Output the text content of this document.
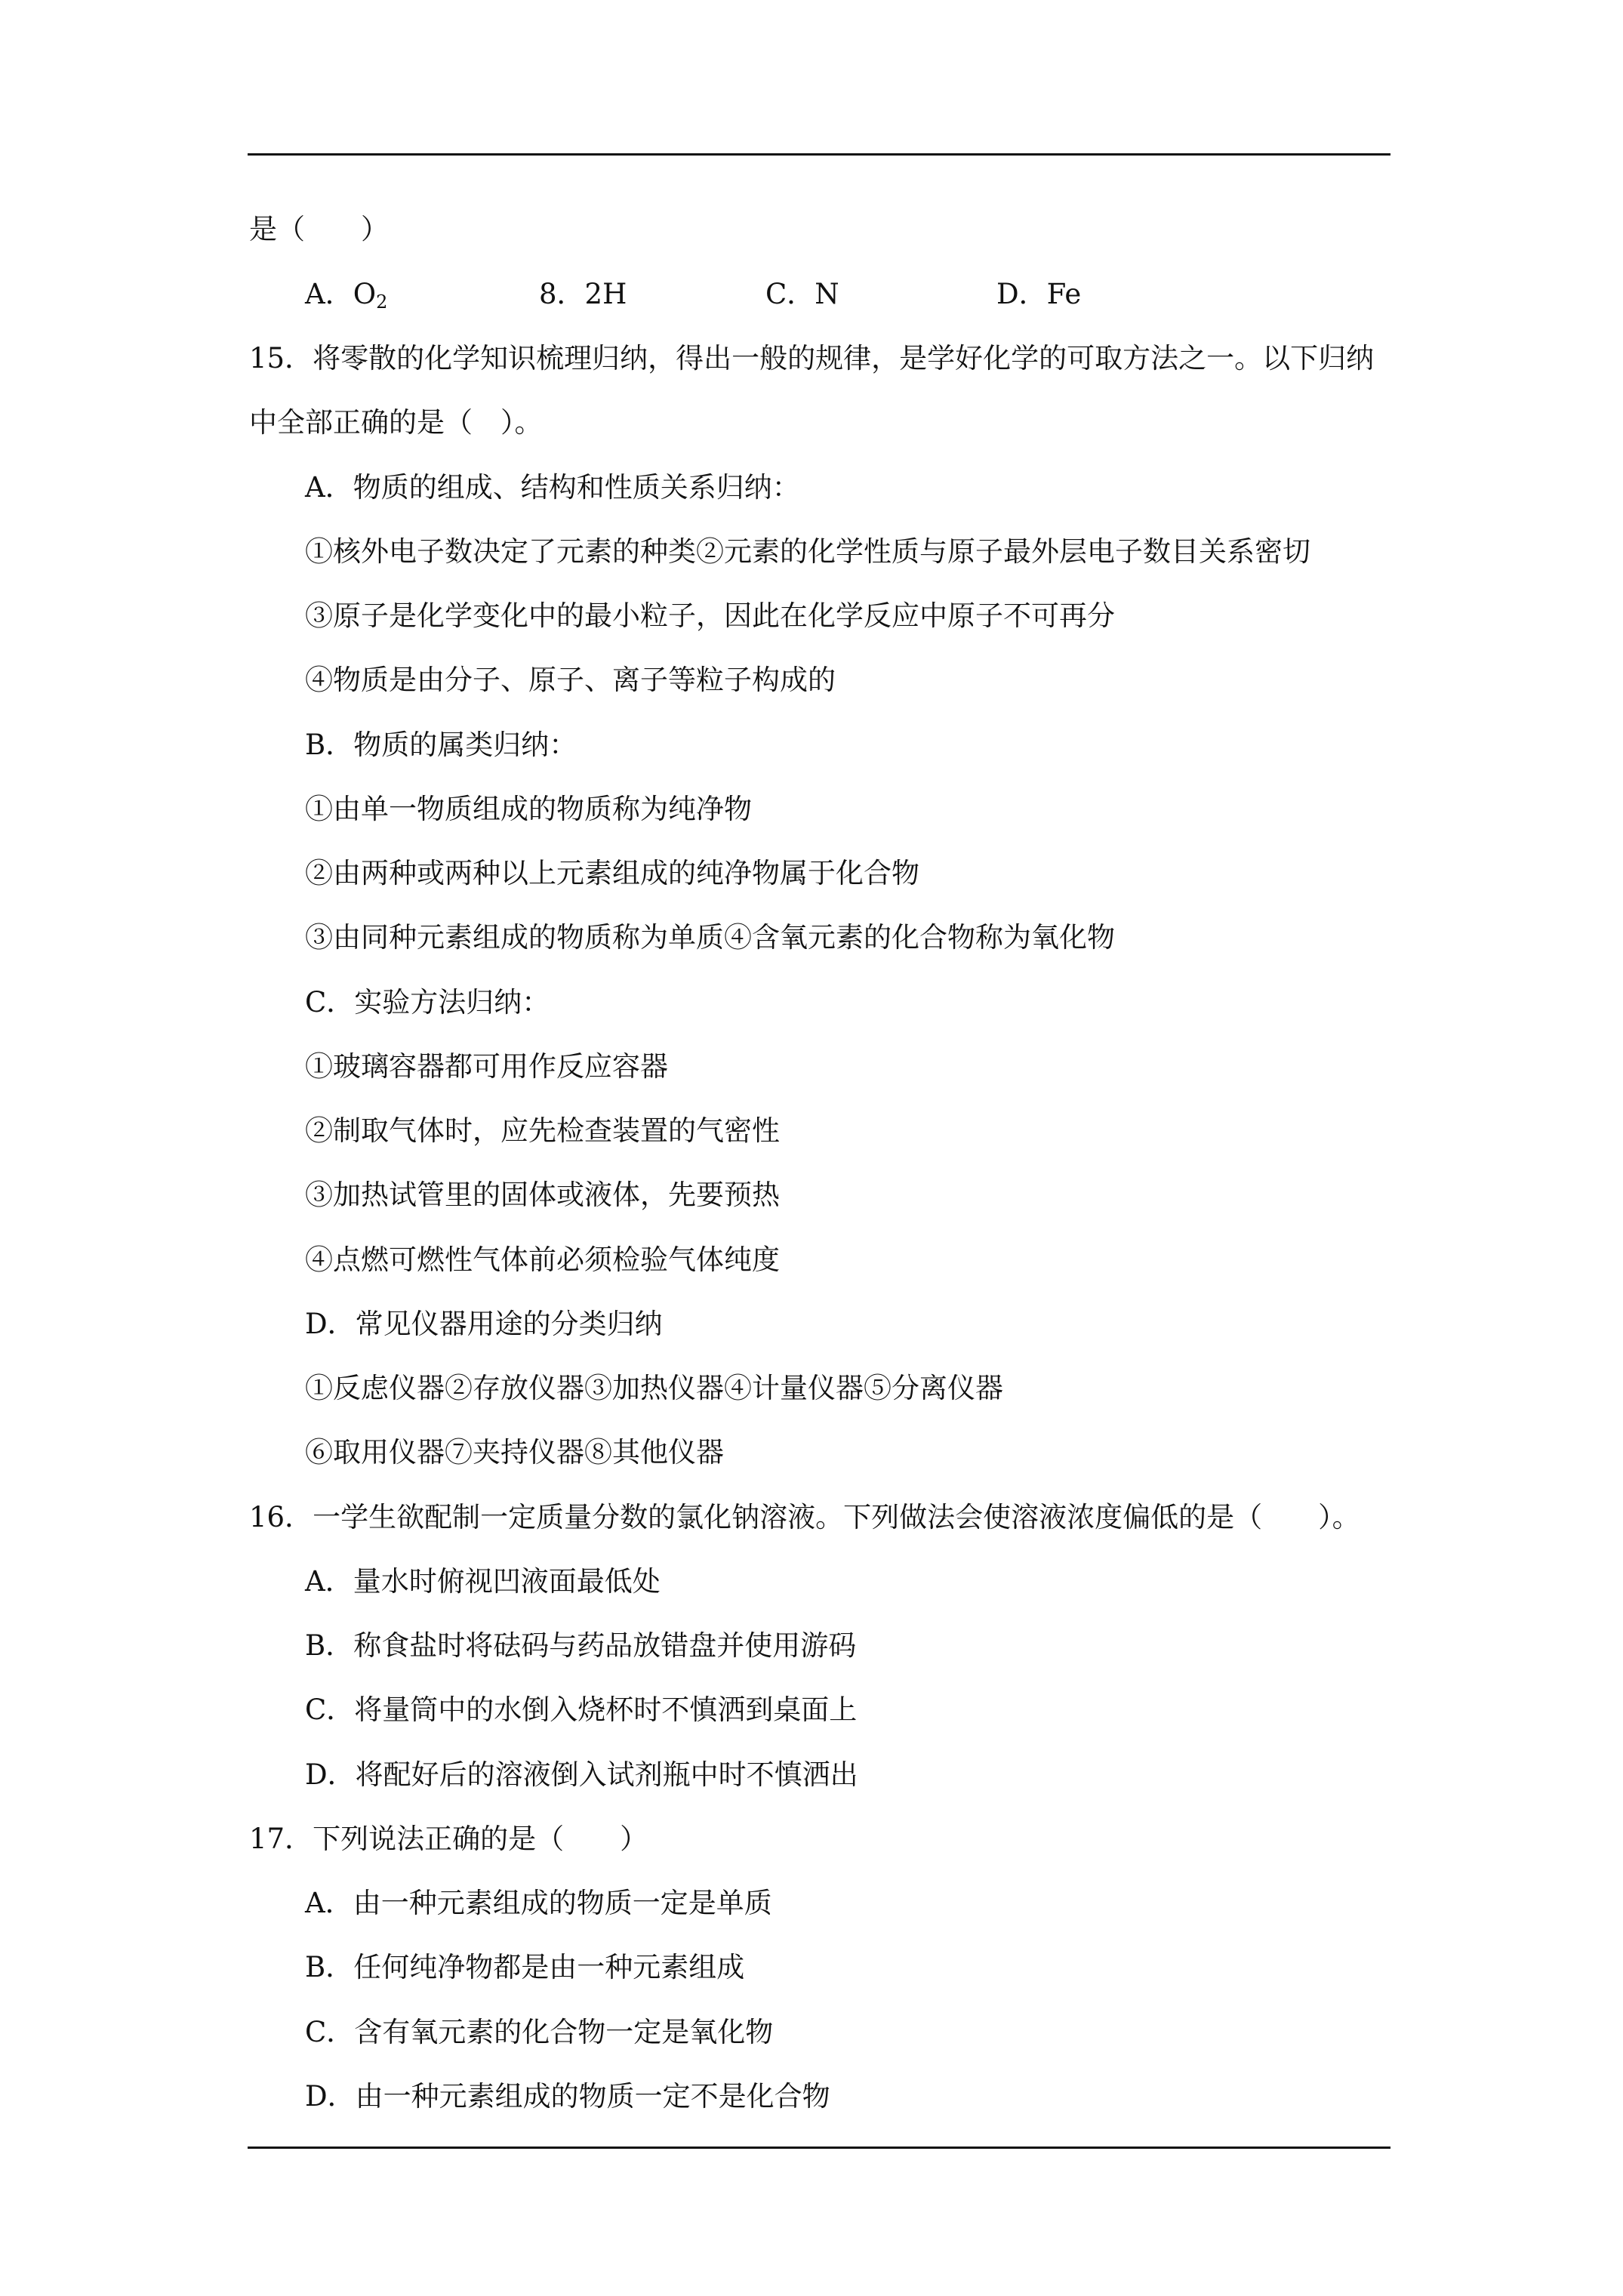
是（　　）
A．$O_2$	8．2H	C．N	D．Fe
15．将零散的化学知识梳理归纳，得出一般的规律，是学好化学的可取方法之一。以下归纳
中全部正确的是（　）。
A．物质的组成、结构和性质关系归纳：
①核外电子数决定了元素的种类②元素的化学性质与原子最外层电子数目关系密切
③原子是化学变化中的最小粒子，因此在化学反应中原子不可再分
④物质是由分子、原子、离子等粒子构成的
B．物质的属类归纳：
①由单一物质组成的物质称为纯净物
②由两种或两种以上元素组成的纯净物属于化合物
③由同种元素组成的物质称为单质④含氧元素的化合物称为氧化物
C．实验方法归纳：
①玻璃容器都可用作反应容器
②制取气体时，应先检查装置的气密性
③加热试管里的固体或液体，先要预热
④点燃可燃性气体前必须检验气体纯度
D．常见仪器用途的分类归纳
①反虑仪器②存放仪器③加热仪器④计量仪器⑤分离仪器
⑥取用仪器⑦夹持仪器⑧其他仪器
16．一学生欲配制一定质量分数的氯化钠溶液。下列做法会使溶液浓度偏低的是（　　）。
A．量水时俯视凹液面最低处
B．称食盐时将砝码与药品放错盘并使用游码
C．将量筒中的水倒入烧杯时不慎洒到桌面上
D．将配好后的溶液倒入试剂瓶中时不慎洒出
17．下列说法正确的是（　　）
A．由一种元素组成的物质一定是单质
B．任何纯净物都是由一种元素组成
C．含有氧元素的化合物一定是氧化物
D．由一种元素组成的物质一定不是化合物
